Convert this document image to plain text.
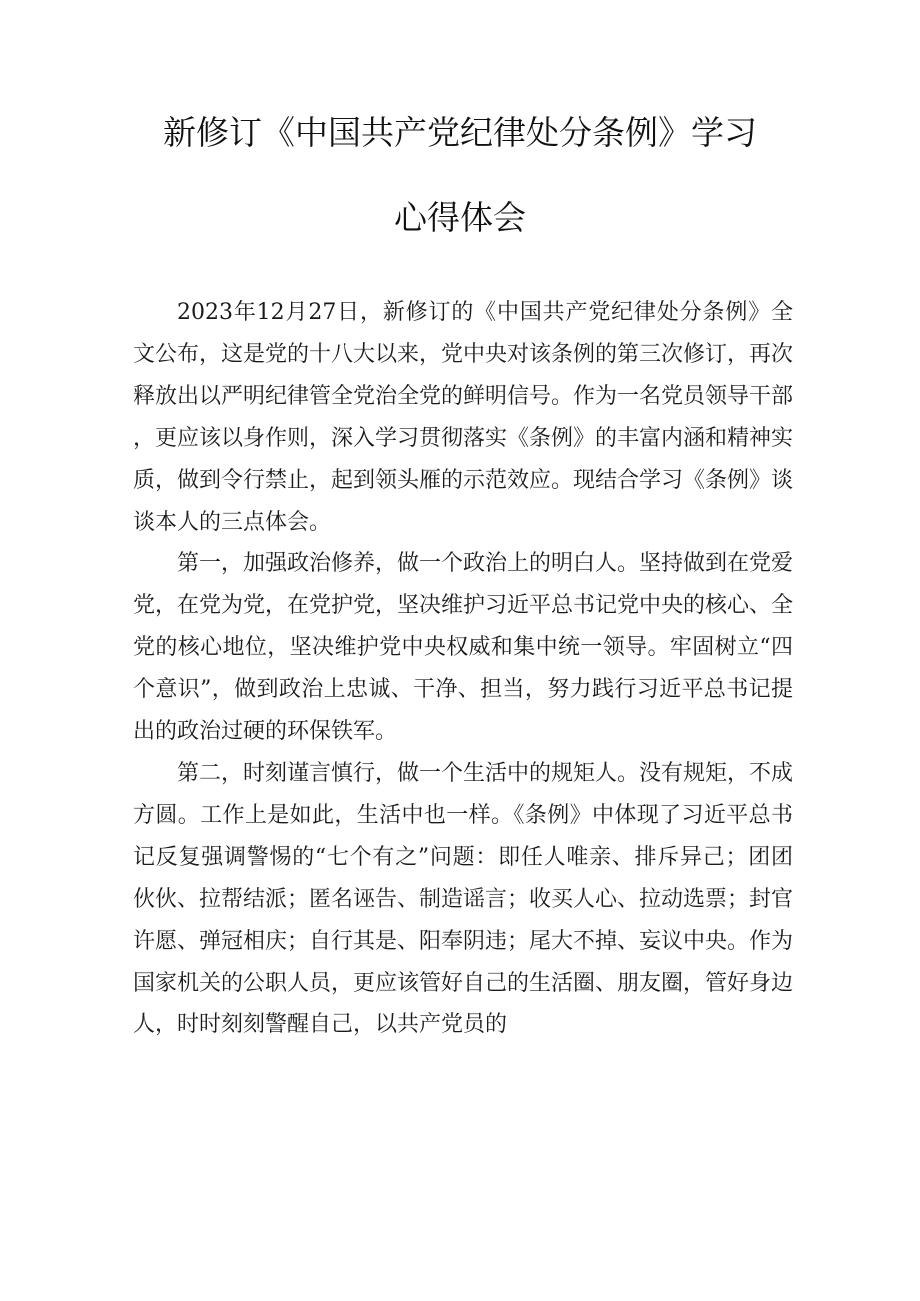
新修订《中国共产党纪律处分条例》学习
心得体会

2023年12月27日，新修订的《中国共产党纪律处分条例》全文公布，这是党的十八大以来，党中央对该条例的第三次修订，再次释放出以严明纪律管全党治全党的鲜明信号。作为一名党员领导干部，更应该以身作则，深入学习贯彻落实《条例》的丰富内涵和精神实质，做到令行禁止，起到领头雁的示范效应。现结合学习《条例》谈谈本人的三点体会。

第一，加强政治修养，做一个政治上的明白人。坚持做到在党爱党，在党为党，在党护党，坚决维护习近平总书记党中央的核心、全党的核心地位，坚决维护党中央权威和集中统一领导。牢固树立“四个意识”，做到政治上忠诚、干净、担当，努力践行习近平总书记提出的政治过硬的环保铁军。

第二，时刻谨言慎行，做一个生活中的规矩人。没有规矩，不成方圆。工作上是如此，生活中也一样。《条例》中体现了习近平总书记反复强调警惕的“七个有之”问题：即任人唯亲、排斥异己；团团伙伙、拉帮结派；匿名诬告、制造谣言；收买人心、拉动选票；封官许愿、弹冠相庆；自行其是、阳奉阴违；尾大不掉、妄议中央。作为国家机关的公职人员，更应该管好自己的生活圈、朋友圈，管好身边人，时时刻刻警醒自己，以共产党员的
